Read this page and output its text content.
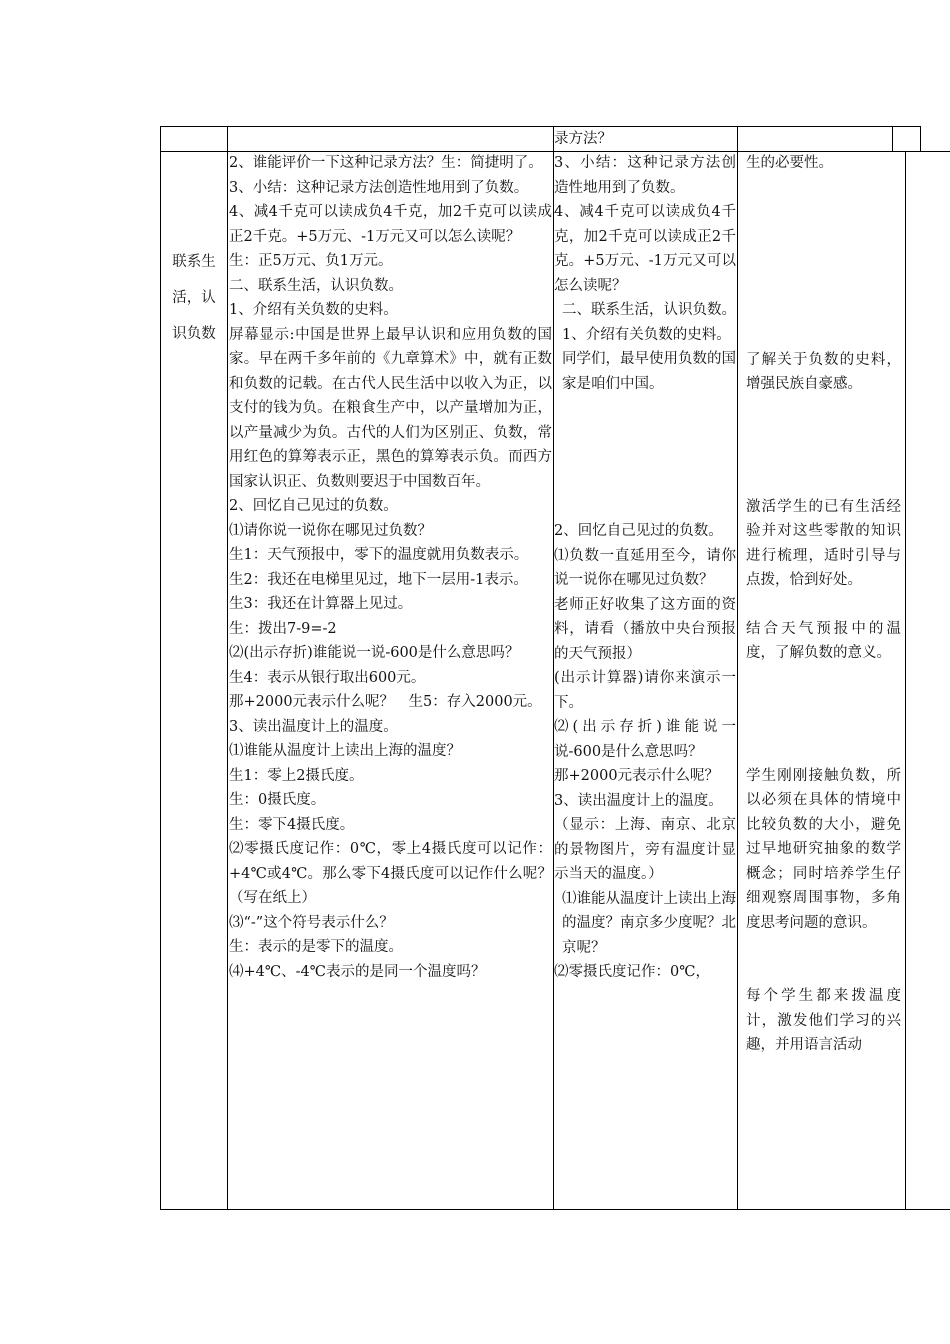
录方法？

联系生

活，认

识负数

2、谁能评价一下这种记录方法？生：简捷明了。

3、小结：这种记录方法创造性地用到了负数。

4、减4千克可以读成负4千克，加2千克可以读成正2千克。+5万元、-1万元又可以怎么读呢？

生：正5万元、负1万元。

二、联系生活，认识负数。

1、介绍有关负数的史料。

屏幕显示:中国是世界上最早认识和应用负数的国家。早在两千多年前的《九章算术》中，就有正数和负数的记载。在古代人民生活中以收入为正，以支付的钱为负。在粮食生产中，以产量增加为正，以产量减少为负。古代的人们为区别正、负数，常用红色的算筹表示正，黑色的算筹表示负。而西方国家认识正、负数则要迟于中国数百年。

2、回忆自己见过的负数。

⑴请你说一说你在哪见过负数？

生1：天气预报中，零下的温度就用负数表示。

生2：我还在电梯里见过，地下一层用-1表示。

生3：我还在计算器上见过。

生：拨出7-9=-2

⑵(出示存折)谁能说一说-600是什么意思吗？

生4：表示从银行取出600元。

那+2000元表示什么呢？　生5：存入2000元。

3、读出温度计上的温度。

⑴谁能从温度计上读出上海的温度？

生1：零上2摄氏度。

生：0摄氏度。

生：零下4摄氏度。

⑵零摄氏度记作：0℃，零上4摄氏度可以记作：+4℃或4℃。那么零下4摄氏度可以记作什么呢？（写在纸上）

⑶“-”这个符号表示什么？

生：表示的是零下的温度。

⑷+4℃、-4℃表示的是同一个温度吗？

3、小结：这种记录方法创造性地用到了负数。

4、减4千克可以读成负4千克，加2千克可以读成正2千克。+5万元、-1万元又可以怎么读呢？

二、联系生活，认识负数。

1、介绍有关负数的史料。

同学们，最早使用负数的国家是咱们中国。

2、回忆自己见过的负数。

⑴负数一直延用至今，请你说一说你在哪见过负数？

老师正好收集了这方面的资料，请看（播放中央台预报的天气预报）

(出示计算器)请你来演示一下。

⑵(出示存折)谁能说一说-600是什么意思吗？

那+2000元表示什么呢？

3、读出温度计上的温度。

（显示：上海、南京、北京的景物图片，旁有温度计显示当天的温度。）

⑴谁能从温度计上读出上海的温度？南京多少度呢？北京呢？

⑵零摄氏度记作：0℃，

生的必要性。

了解关于负数的史料，增强民族自豪感。

激活学生的已有生活经验并对这些零散的知识进行梳理，适时引导与点拨，恰到好处。

结合天气预报中的温度，了解负数的意义。

学生刚刚接触负数，所以必须在具体的情境中比较负数的大小，避免过早地研究抽象的数学概念；同时培养学生仔细观察周围事物，多角度思考问题的意识。

每个学生都来拨温度计，激发他们学习的兴趣，并用语言活动
